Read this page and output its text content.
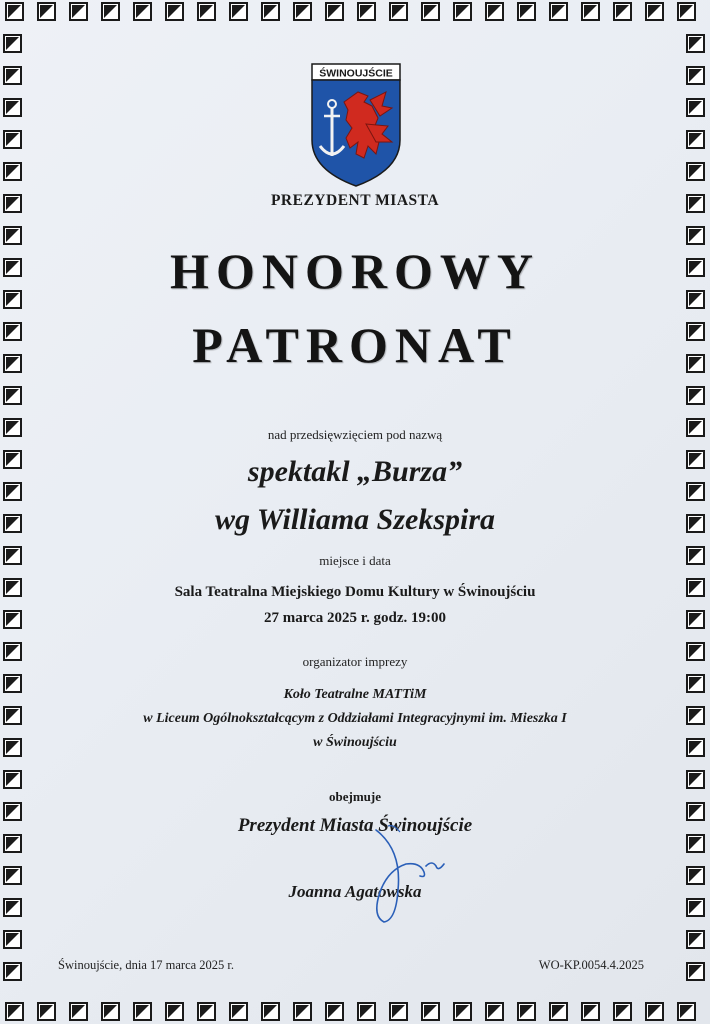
ŚWINOUJŚCIE
PREZYDENT MIASTA
HONOROWY
PATRONAT
nad przedsięwzięciem pod nazwą
spektakl „Burza”
wg Williama Szekspira
miejsce i data
Sala Teatralna Miejskiego Domu Kultury w Świnoujściu
27 marca 2025 r. godz. 19:00
organizator imprezy
Koło Teatralne MATTiM
w Liceum Ogólnokształcącym z Oddziałami Integracyjnymi im. Mieszka I
w Świnoujściu
obejmuje
Prezydent Miasta Świnoujście
Joanna Agatowska
Świnoujście, dnia 17 marca 2025 r.	WO-KP.0054.4.2025
